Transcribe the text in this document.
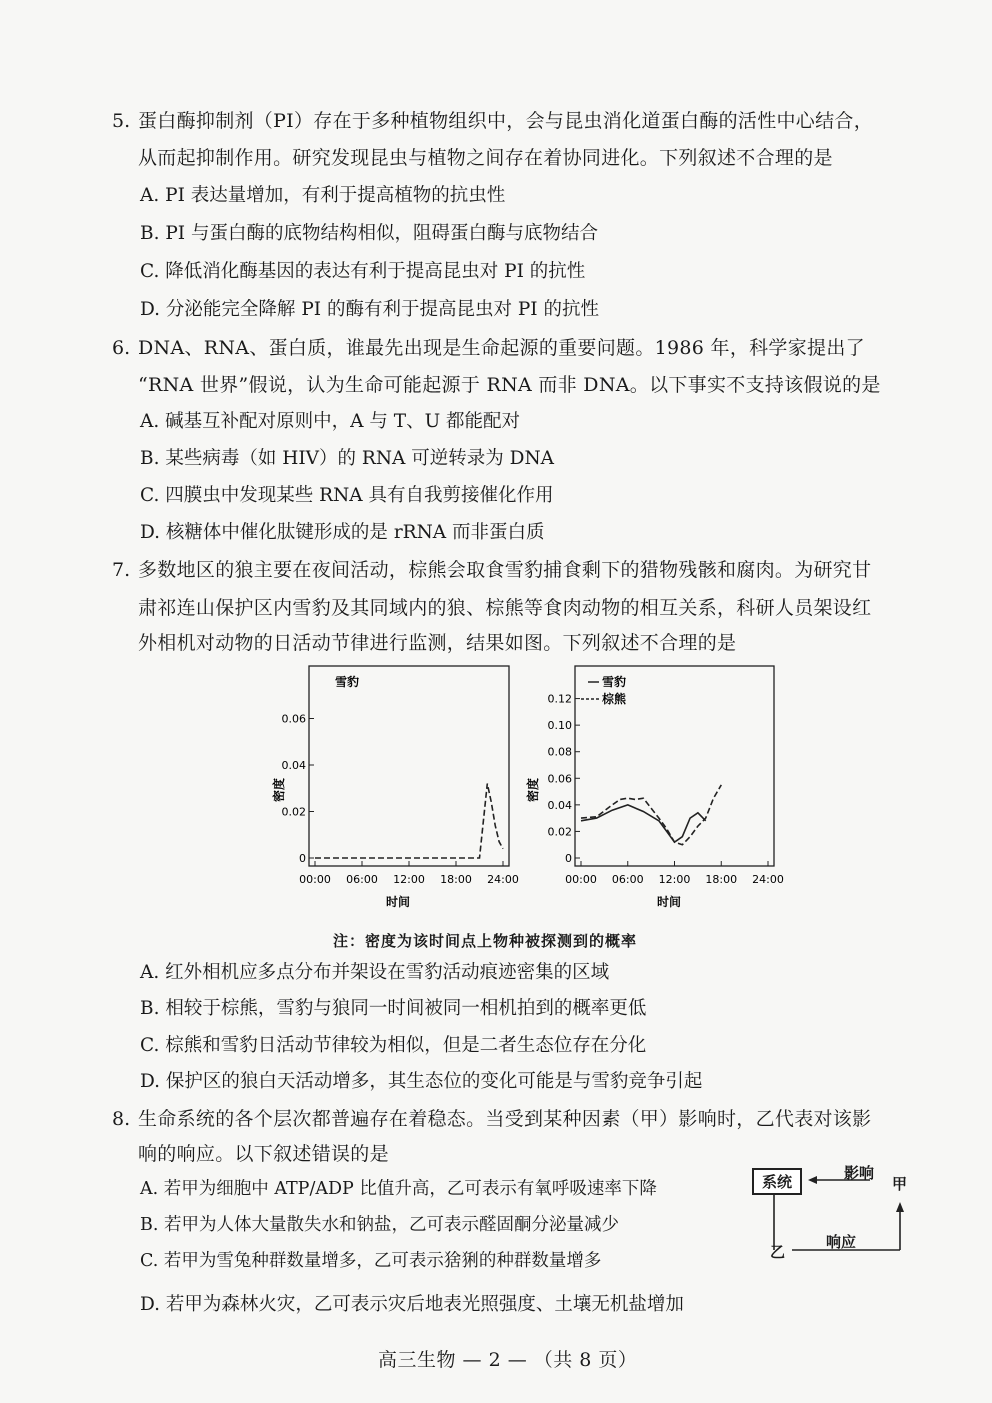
5. 蛋白酶抑制剂（PI）存在于多种植物组织中，会与昆虫消化道蛋白酶的活性中心结合，
从而起抑制作用。研究发现昆虫与植物之间存在着协同进化。下列叙述不合理的是
A. PI 表达量增加，有利于提高植物的抗虫性
B. PI 与蛋白酶的底物结构相似，阻碍蛋白酶与底物结合
C. 降低消化酶基因的表达有利于提高昆虫对 PI 的抗性
D. 分泌能完全降解 PI 的酶有利于提高昆虫对 PI 的抗性
6. DNA、RNA、蛋白质，谁最先出现是生命起源的重要问题。1986 年，科学家提出了
“RNA 世界”假说，认为生命可能起源于 RNA 而非 DNA。以下事实不支持该假说的是
A. 碱基互补配对原则中，A 与 T、U 都能配对
B. 某些病毒（如 HIV）的 RNA 可逆转录为 DNA
C. 四膜虫中发现某些 RNA 具有自我剪接催化作用
D. 核糖体中催化肽键形成的是 rRNA 而非蛋白质
7. 多数地区的狼主要在夜间活动，棕熊会取食雪豹捕食剩下的猎物残骸和腐肉。为研究甘
肃祁连山保护区内雪豹及其同域内的狼、棕熊等食肉动物的相互关系，科研人员架设红
外相机对动物的日活动节律进行监测，结果如图。下列叙述不合理的是
0
0.02
0.04
0.06
00:00 06:00 12:00 18:00 24:00
雪豹
时间
密度
0
0.02
0.04
0.06
0.08
0.10
0.12
00:00 06:00 12:00 18:00 24:00
雪豹
棕熊
时间
密度
注：密度为该时间点上物种被探测到的概率
A. 红外相机应多点分布并架设在雪豹活动痕迹密集的区域
B. 相较于棕熊，雪豹与狼同一时间被同一相机拍到的概率更低
C. 棕熊和雪豹日活动节律较为相似，但是二者生态位存在分化
D. 保护区的狼白天活动增多，其生态位的变化可能是与雪豹竞争引起
8. 生命系统的各个层次都普遍存在着稳态。当受到某种因素（甲）影响时，乙代表对该影
响的响应。以下叙述错误的是
A. 若甲为细胞中 ATP/ADP 比值升高，乙可表示有氧呼吸速率下降
B. 若甲为人体大量散失水和钠盐，乙可表示醛固酮分泌量减少
C. 若甲为雪兔种群数量增多，乙可表示猞猁的种群数量增多
D. 若甲为森林火灾，乙可表示灾后地表光照强度、土壤无机盐增加
系统	影响
甲
乙
响应
高三生物 — 2 — （共 8 页）
